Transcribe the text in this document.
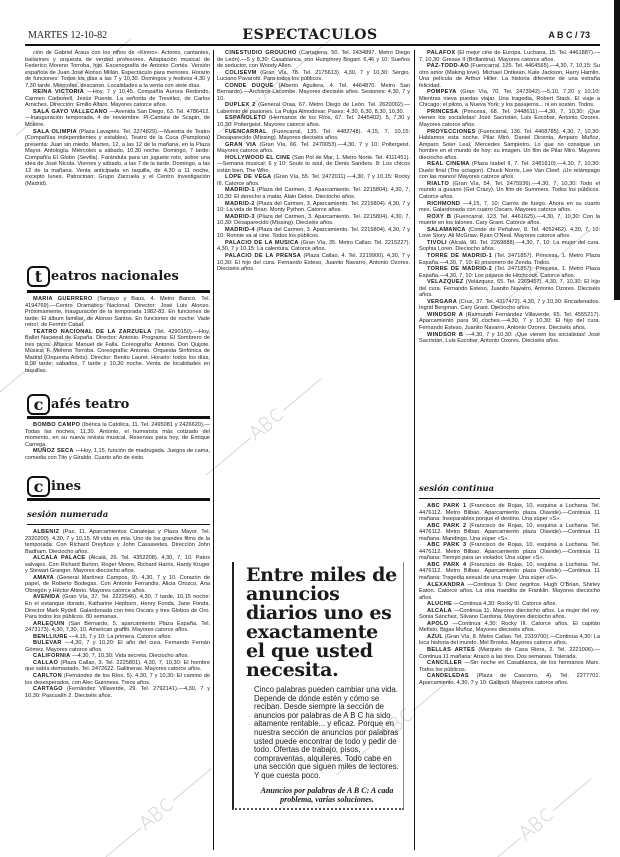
MARTES 12-10-82	ESPECTACULOS	A B C / 73

ción de Gabriel Araus con los niños de «Kiniro». Actores, cantantes, bailarines y orquesta de verdad profesores. Adaptación musical de Federico Moreno Torroba, hijo. Escenografía de Antonio Cortés. Versión española de Juan José Alonso Millán. Espectáculo para menores. Horario de funciones: Todos los días a las 7 y 10,30. Domingos y festivos 4,30 y 7,30 tarde. Miércoles, descanso. Localidades a la venta con siete días.

REINA VICTORIA —Hoy, 7 y 10,45. Compañía Aurora Redondo, Carmen Carbonell, Jesús Puente. La señorita de Trevélez, de Carlos Arniches. Dirección: Emilio Alfaro. Mayores catorce años.

SALA GAYO VALLECANO —Avenida San Diego, 63. Tel. 4786412.—Inauguración temporada, 4 de noviembre. Pl-Cantata de Scapin, de Molière.

SALA OLIMPIA (Plaza Lavapiés. Tel. 2274829).—Muestra de Teatro (Compañías independientes y estables). Teatro de la Cuca (Pamplona) presenta: Juan sin miedo. Martes, 12, a las 12 de la mañana, en la Plaza Mayor. Antología. Miércoles a sábado, 10,30 noche. Domingo, 7 tarde: Compañía El Globo (Sevilla). Farándula para un juguete roto, sobre una idea de José Nicola. Viernes y sábado, a las 7 de la tarde. Domingo, a las 12 de la mañana. Venta anticipada en taquilla, de 4,30 a 11 noche, excepto lunes. Patrocinan: Grupo Zarzuela y el Centro Investigación (Madrid).

t eatros nacionales

MARIA GUERRERO (Tamayo y Baus, 4. Metro Banco. Tel. 4194769).—Centro Dramático Nacional. Director: José Luis Alonso. Próximamente, inauguración de la temporada 1982-83. En funciones de tarde: El álbum familiar, de Alonso Santos. En funciones de noche: Vade retro!, de Fermín Cabal.

TEATRO NACIONAL DE LA ZARZUELA (Tel. 4290150).—Hoy, Ballet Nacional de España. Director: Antonio. Programa: El Sombrero de tres picos. Música: Manuel de Falla. Coreografía: Antonio. Don Quijote. Música: F. Moreno Torroba. Coreografía: Antonio. Orquesta Sinfónica de Madrid (Orquesta Arbós). Director: Benito Lauret. Horario: todos los días, 8,00 tarde; sábados, 7 tarde y 10,30 noche. Venta de localidades en taquillas.

c afés teatro

BOMBO CAMPO (Ibérica la Católica, 11. Tel. 2495081 y 2426620).—Todas las noches, 11,30. Antonio, el humorista más cotizado del momento, en su nueva revista musical. Reservas para hoy, de Enrique Carrega.

MUÑOZ SECA —Hoy, 1,15, función de madrugada. Juegos de cama, comedia con Tito y Giraldo. Cuarto año de éxito.

c ines
sesión numerada

ALBENIZ (Paz, 11. Aparcamientos Canalejas y Plaza Mayor. Tel. 2320200). 4,30, 7 y 10,15. Mi vida es mía. Uno de los grandes films de la temporada. Con Richard Dreyfuss y John Cassavetes. Dirección John Badham. Dieciocho años.

ALCALA PALACE (Alcalá, 26. Tel. 4352208). 4,30, 7, 10. Patos salvajes. Con Richard Burton, Roger Moore, Richard Harris, Hardy Kruger y Stewart Granger. Mayores dieciocho años.

AMAYA (General Martínez Campos, 9). 4,30, 7 y 10. Corazón de papel, de Roberto Bodegas. Con Antonio Ferrandis, Alicia Orozco, Ana Obregón y Héctor Alterio. Mayores catorce años.

AVENIDA (Gran Vía, 37. Tel. 2222546). 4,30, 7 tarde, 10,15 noche: En el estanque dorado, Katharine Hepburn, Henry Fonda, Jane Fonda. Director Mark Rydell. Galardonada con tres Oscars y tres Globos de Oro. Para todos los públicos. 80 semanas.

ARLEQUIN (San Bernardo, 5, aparcamiento Plaza España. Tel. 2473173). 4,30, 7,30, 10. American graffiti. Mayores catorce años.

BENLLIURE —4,15, 7 y 10: La primera. Catorce años.

BULEVAR —4,30, 7 y 10,20: El año del cura. Fernando Fernán Gómez. Mayores catorce años.

CALIFORNIA —4,30, 7, 10,30: Vida secreta. Dieciocho años.

CALLAO (Plaza Callao, 3. Tel. 2225801). 4,30, 7, 10,30: El hombre que sabía demasiado. Tel. 2472622. Gallineras. Mayores catorce años.

CARLTON (Fernández de los Ríos, 5). 4,30, 7 y 10,30: El camino de los desesperados, con Alec Guinness. Trece años.

CARTAGO (Fernández Villaverde, 29. Tel. 2792141).—4,30, 7 y 10,30: Pascualín 2. Dieciséis años.

CINESTUDIO GROUCHO (Cartagena, 50. Tel. 2434897. Metro Diego de León).—5 y 8,30: Casablanca, con Humphrey Bogart. 6,46 y 10: Sueños de seductor, con Woody Allen.

COLISEVM (Gran Vía, 78. Tel. 2175613). 4,30, 7 y 10,30: Sergio. Luciano Pavarotti. Para todos los públicos.

CONDE DUQUE (Alberto Aguilera, 4. Tel. 4464870. Metro San Bernardo).—Archivos Lacombe. Mayores dieciséis años. Sesiones: 4,30, 7 y 10.

DUPLEX 2 (General Oraa, 67. Metro Diego de León. Tel. 2620002).—Laberinto de pasiones. La Pulga Almodóvar. Pases: 4,30, 6,30, 8,30, 10,30.

ESPAÑOLETO (Hermanos de los Ríos, 67. Tel. 2445402). 5, 7,30 y 10,30: Poltergeist. Mayores catorce años.

FUENCARRAL (Fuencarral, 135. Tel. 4482748). 4,15, 7, 10,15: Desaparecido (Missing). Mayores dieciséis años.

GRAN VIA (Gran Vía, 66. Tel. 2470053).—4,30, 7 y 10: Poltergeist. Mayores catorce años.

HOLLYWOOD EL CINE (San Pol de Mar, 1. Metro Norte. Tel. 4111451).—Semana musical: 6 y 10: Souls to soul, de Denis Sanders. 8: Los chicos están bien, The Who.

LOPE DE VEGA (Gran Vía, 55. Tel. 2472011).—4,30, 7 y 10,15: Rocky III. Catorce años.

MADRID-1 (Plaza del Carmen, 3. Aparcamiento. Tel. 2215804). 4,30, 7, 10,30: El derecho a matar. Alain Delon. Dieciocho años.

MADRID-2 (Plaza del Carmen, 3. Aparcamiento. Tel. 2215804). 4,30, 7 y 10: La vida de Brian. Monty Python. Catorce años.

MADRID-3 (Plaza del Carmen, 3. Aparcamiento. Tel. 2215804). 4,30, 7, 10,30: Desaparecido (Missing). Dieciséis años.

MADRID-4 (Plaza del Carmen, 3. Aparcamiento. Tel. 2215804). 4,30, 7 y 10: Ronnie va al cine. Todos los públicos.

PALACIO DE LA MUSICA (Gran Vía, 35. Metro Callao. Tel. 2215227). 4,30, 7 y 10,15: La calentura. Catorce años.

PALACIO DE LA PRENSA (Plaza Callao, 4. Tel. 2219900). 4,30, 7 y 10,30: El hijo del cura. Fernando Esteso, Juanito Navarro, Antonio Ozores. Dieciséis años.

Entre miles de anuncios diarios uno es exactamente el que usted necesita.
Cinco palabras pueden cambiar una vida. Depende de dónde estén y cómo se reciban. Desde siempre la sección de anuncios por palabras de A B C ha sido altamente rentable... y eficaz. Porque en nuestra sección de anuncios por palabras usted puede encontrar de todo y pedir de todo. Ofertas de trabajo, pisos, compraventas, alquileres. Todo cabe en una sección que siguen miles de lectores. Y que cuesta poco.
Anuncios por palabras de A B C: A cada problema, varias soluciones.

PALAFOX (El mejor cine de Europa. Luchana, 15. Tel. 4461887).—7, 10,30: Grease II (Brillantina). Mayores catorce años.

PAZ-TODD-AO (Fuencarral, 125. Tel. 4464565).—4,30, 7, 10,15: Su otro amor (Making love). Michael Ontkean, Kate Jackson, Harry Hamlin. Una película de Arthur Hiller. La historia diferente de una extraña felicidad.

POMPEYA (Gran Vía, 70. Tel. 2473942).—5,10, 7,20 y 10,10: Mientras nieva puedas viajar. Una tragedia, Robert Stack. El viaje a Chicago; el piloto, a Nueva York; y los pasajeros... ni en sostén. Todos.

PRINCESA (Princesa, 68. Tel. 2448611).—4,30, 7, 10,30: ¡Que vienen los socialistas! José Sacristán, Luis Escobar, Antonio Ozores. Mayores catorce años.

PROYECCIONES (Fuencarral, 136. Tel. 4468785). 4,30, 7, 10,30: Hablamos esta noche. Pilar Miró. Daniel Dicenta, Amparo Muñoz, Amparo Soler Leal, Mercedes Sampietro. Lo que no consigue un hombre en el mundo de hoy: su imagen. Un film de Pilar Miró. Mayores dieciocho años.

REAL CINEMA (Plaza Isabel II, 7. Tel. 2481610).—4,30, 7, 10,30: Duelo final (The octagon). Chuck Norris, Lee Van Cleef. ¡Un relámpago con las manos! Mayores catorce años.

RIALTO (Gran Vía, 54. Tel. 2475936).—4,30, 7, 10,30: Todo el mundo a gusano (Get Crazy). Un film de Summers. Todos los públicos. Catorce años.

RICHMOND —4,15, 7, 10: Carros de fuego. Ahora en su cuarto mes. Galardonada con cuatro Oscars, Mayores catorce años.

ROXY B (Fuencarral, 123. Tel. 4461625).—4,30, 7, 10,30: Con la muerte en los talones. Cary Grant. Catorce años.

SALAMANCA (Conde de Peñalver, 8. Tel. 4052462). 4,30, 7, 10: Love Story. Ali McGraw, Ryan O'Neal. Mayores catorce años.

TIVOLI (Alcalá, 90. Tel. 2269888).—4,30, 7, 10: La mujer del cura. Sophia Loren. Dieciocho años.

TORRE DE MADRID-1 (Tel. 2471857). Princesa, 1. Metro Plaza España.—4,30, 7, 10: El prisionero de Zenda. Todos.

TORRE DE MADRID-2 (Tel. 2471857). Princesa, 1. Metro Plaza España.—4,30, 7, 10: Los pájaros de Hitchcock. Catorce años.

VELAZQUEZ (Velázquez, 65. Tel. 2269457). 4,30, 7, 10,30: El hijo del cura. Fernando Esteso, Juanito Navarro, Antonio Ozores. Dieciséis años.

VERGARA (Cruz, 37. Tel. 4317472). 4,30, 7 y 10,30: Encadenados. Ingrid Bergman, Cary Grant. Dieciocho años.

WINDSOR A (Raimundo Fernández Villaverde, 65. Tel. 4555217). Aparcamiento para 90 coches.—4,30, 7 y 10,30: El hijo del cura. Fernando Esteso, Juanito Navarro, Antonio Ozores. Dieciséis años.

WINDSOR B —4,30, 7 y 10,30: ¡Que vienen los socialistas! José Sacristán, Luis Escobar, Antonio Ozores. Dieciséis años.

sesión continua

ABC PARK 1 (Francisco de Rojas, 10, esquina a Luchana. Tel. 4476112. Metro Bilbao. Aparcamiento plaza Olavide).—Continua 11 mañana: Inseparables porque el destino. Una súper «S».

ABC PARK 2 (Francisco de Rojas, 10, esquina a Luchana. Tel. 4476112. Metro Bilbao. Aparcamiento plaza Olavide).—Continua 11 mañana: Mandingo. Una súper «S».

ABC PARK 3 (Francisco de Rojas, 10, esquina a Luchana. Tel. 4476112. Metro Bilbao. Aparcamiento plaza Olavide).—Continua 11 mañana: Tiempo para un violador. Una súper «S».

ABC PARK 4 (Francisco de Rojas, 10, esquina a Luchana. Tel. 4476112. Metro Bilbao. Aparcamiento plaza Olavide).—Continua 11 mañana: Tragedia sexual de una mujer. Una súper «S».

ALEXANDRA —Continua 5: Diez negritos. Hugh O'Brian, Shirley Eaton. Catorce años. La otra mandita de Franklin. Mayores dieciocho años.

ALUCHE —Continua 4,30: Rocky III. Catorce años.

ALCALA —Continua 11. Mayores dieciocho años. La mujer del rey. Sonia Sánchez, Silvano Cardona. Mayores dieciocho años.

APOLO —Continua 4,30: Rocky III. Catorce años. El capitán Mefisto, Bigas Muñoz, Mayores dieciséis años.

AZUL (Gran Vía, 8. Metro Callao. Tel. 2319700).—Continua 4,30: La loca historia del mundo. Mel Brooks. Mayores catorce años.

BELLAS ARTES (Marqués de Casa Riera, 2. Tel. 2221006).—Continua 11 mañana: Atraco a las tres. Dos semanas. Tolerada.

CANCILLER —Sin noche en Casablanca, de los hermanos Marx. Todos los públicos.

CANDELEDAS (Plaza de Cascorro, 4). Tel. 2277701. Aparcamiento. 4,30, 7 y 10: Gallipoli. Mayores catorce años.
